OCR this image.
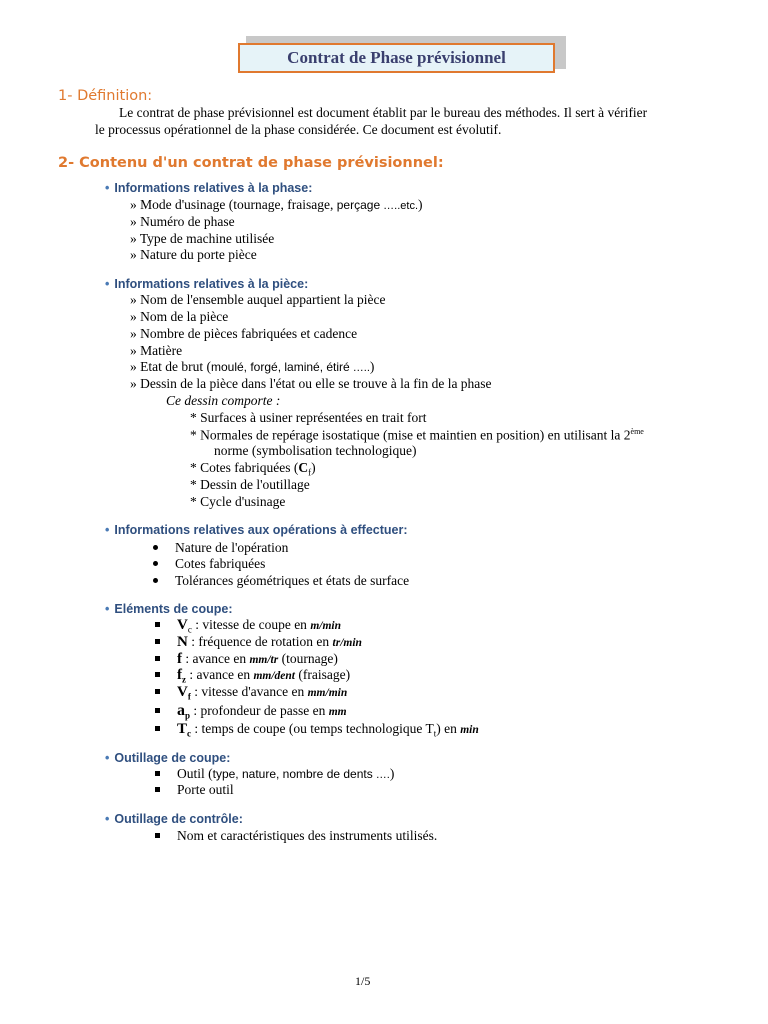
Contrat de Phase prévisionnel
1- Définition:
Le contrat de phase prévisionnel est document établit par le bureau des méthodes. Il sert à vérifier
le processus opérationnel de la phase considérée. Ce document est évolutif.
2- Contenu d'un contrat de phase prévisionnel:
• Informations relatives à la phase:
» Mode d'usinage (tournage, fraisage, perçage …..etc.)
» Numéro de phase
» Type de machine utilisée
» Nature du porte pièce
• Informations relatives à la pièce:
» Nom de l'ensemble auquel appartient la pièce
» Nom de la pièce
» Nombre de pièces fabriquées et cadence
» Matière
» Etat de brut (moulé, forgé, laminé, étiré …..)
» Dessin de la pièce dans l'état ou elle se trouve à la fin de la phase
Ce dessin comporte :
* Surfaces à usiner représentées en trait fort
* Normales de repérage isostatique (mise et maintien en position) en utilisant la 2ème
norme (symbolisation technologique)
* Cotes fabriquées $(C_f)$
* Dessin de l'outillage
* Cycle d'usinage
• Informations relatives aux opérations à effectuer:
Nature de l'opération
Cotes fabriquées
Tolérances géométriques et états de surface
• Eléments de coupe:
$V_c$ : vitesse de coupe en m/min
N : fréquence de rotation en tr/min
f : avance en mm/tr (tournage)
$f_z$ : avance en mm/dent (fraisage)
$V_f$ : vitesse d'avance en mm/min
$a_p$ : profondeur de passe en mm
$T_c$ : temps de coupe (ou temps technologique $T_t$) en min
• Outillage de coupe:
Outil (type, nature, nombre de dents ….)
Porte outil
• Outillage de contrôle:
Nom et caractéristiques des instruments utilisés.
1/5
